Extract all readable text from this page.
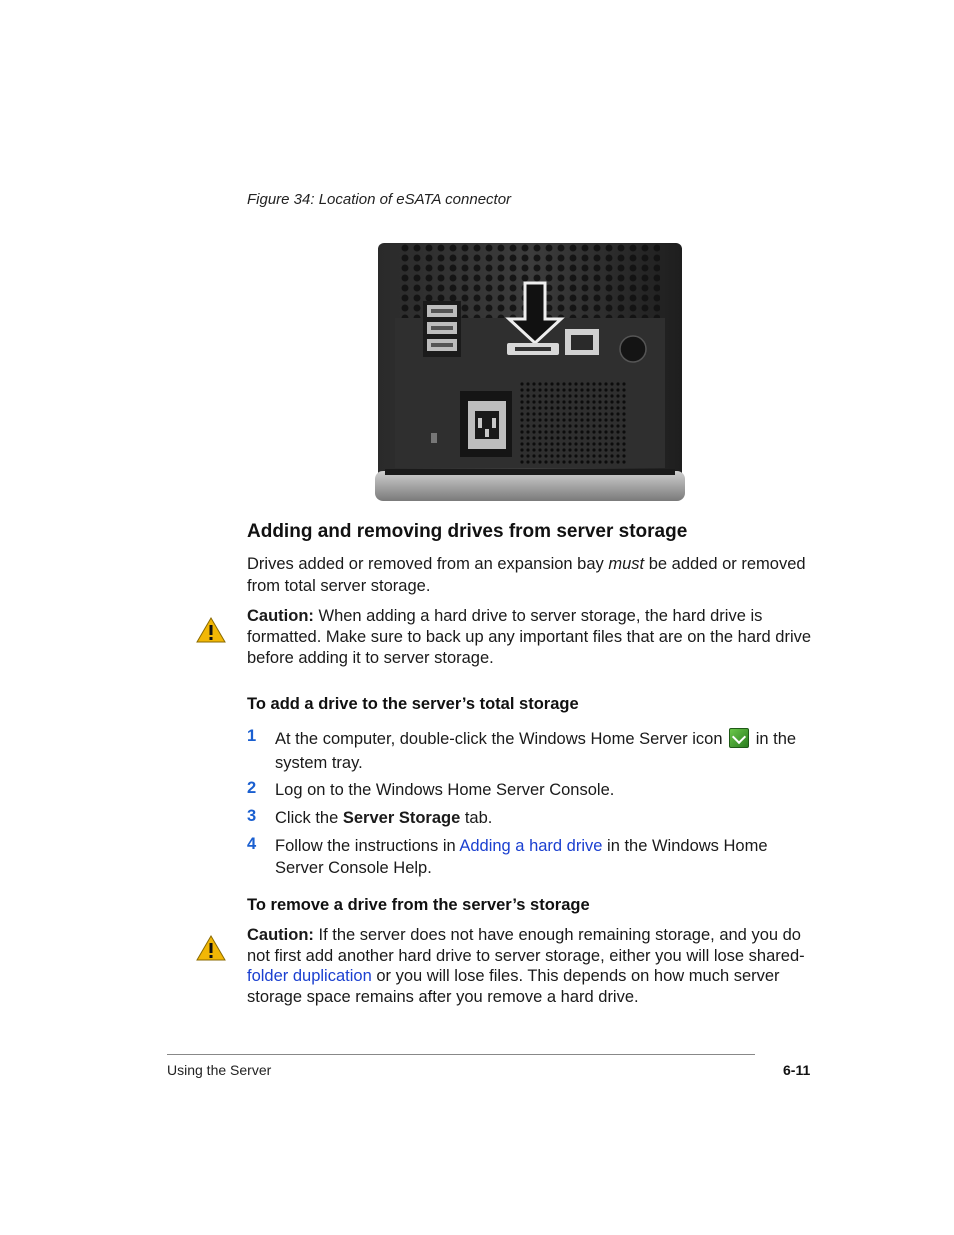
Figure 34: Location of eSATA connector
Adding and removing drives from server storage
Drives added or removed from an expansion bay must be added or removed from total server storage.
Caution: When adding a hard drive to server storage, the hard drive is formatted. Make sure to back up any important files that are on the hard drive before adding it to server storage.
To add a drive to the server’s total storage
1 At the computer, double-click the Windows Home Server icon  in the system tray.
2 Log on to the Windows Home Server Console.
3 Click the Server Storage tab.
4 Follow the instructions in Adding a hard drive in the Windows Home Server Console Help.
To remove a drive from the server’s storage
Caution: If the server does not have enough remaining storage, and you do not first add another hard drive to server storage, either you will lose shared-folder duplication or you will lose files. This depends on how much server storage space remains after you remove a hard drive.
Using the Server	6-11
